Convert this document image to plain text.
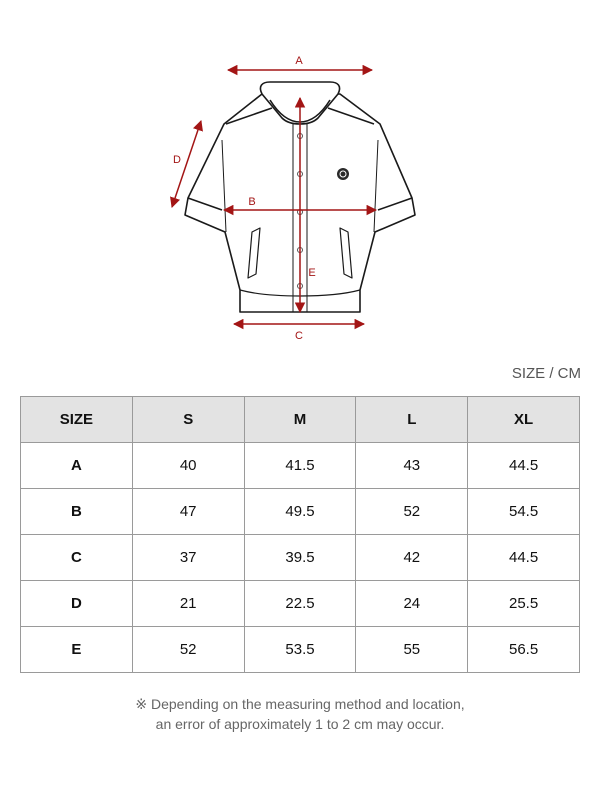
A
B
C
D
E
SIZE / CM
SIZE	S	M	L	XL
A	40	41.5	43	44.5
B	47	49.5	52	54.5
C	37	39.5	42	44.5
D	21	22.5	24	25.5
E	52	53.5	55	56.5
※ Depending on the measuring method and location,
an error of approximately 1 to 2 cm may occur.
